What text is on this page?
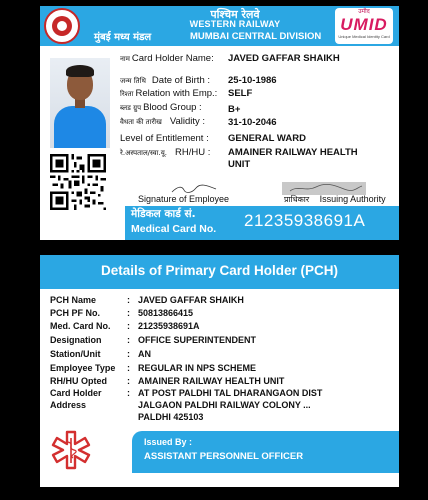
पश्चिम रेलवे
WESTERN RAILWAY
मुंबई मध्य मंडल	MUMBAI CENTRAL DIVISION
उमीद
UMID
Unique Medical Identity Card
नाम Card Holder Name: JAVED GAFFAR SHAIKH
जन्म तिथि Date of Birth : 25-10-1986
रिश्ता Relation with Emp.: SELF
ब्लड ग्रुप Blood Group :	B+
वैधता की तारीख Validity : 31-10-2046
Level of Entitlement : GENERAL WARD
रे.अस्पताल/स्वा.यू. RH/HU : AMAINER RAILWAY HEALTH
UNIT
Signature of Employee	प्राधिकार Issuing Authority
मेडिकल कार्ड सं.
Medical Card No. 21235938691A
Details of Primary Card Holder (PCH)
PCH Name	: JAVED GAFFAR SHAIKH
PCH PF No.	: 50813866415
Med. Card No. : 21235938691A
Designation	: OFFICE SUPERINTENDENT
Station/Unit	: AN
Employee Type : REGULAR IN NPS SCHEME
RH/HU Opted : AMAINER RAILWAY HEALTH UNIT
Card Holder
Address
: AT POST PALDHI TAL DHARANGAON DIST
JALGAON PALDHI RAILWAY COLONY ...
PALDHI 425103
Issued By :
ASSISTANT PERSONNEL OFFICER
